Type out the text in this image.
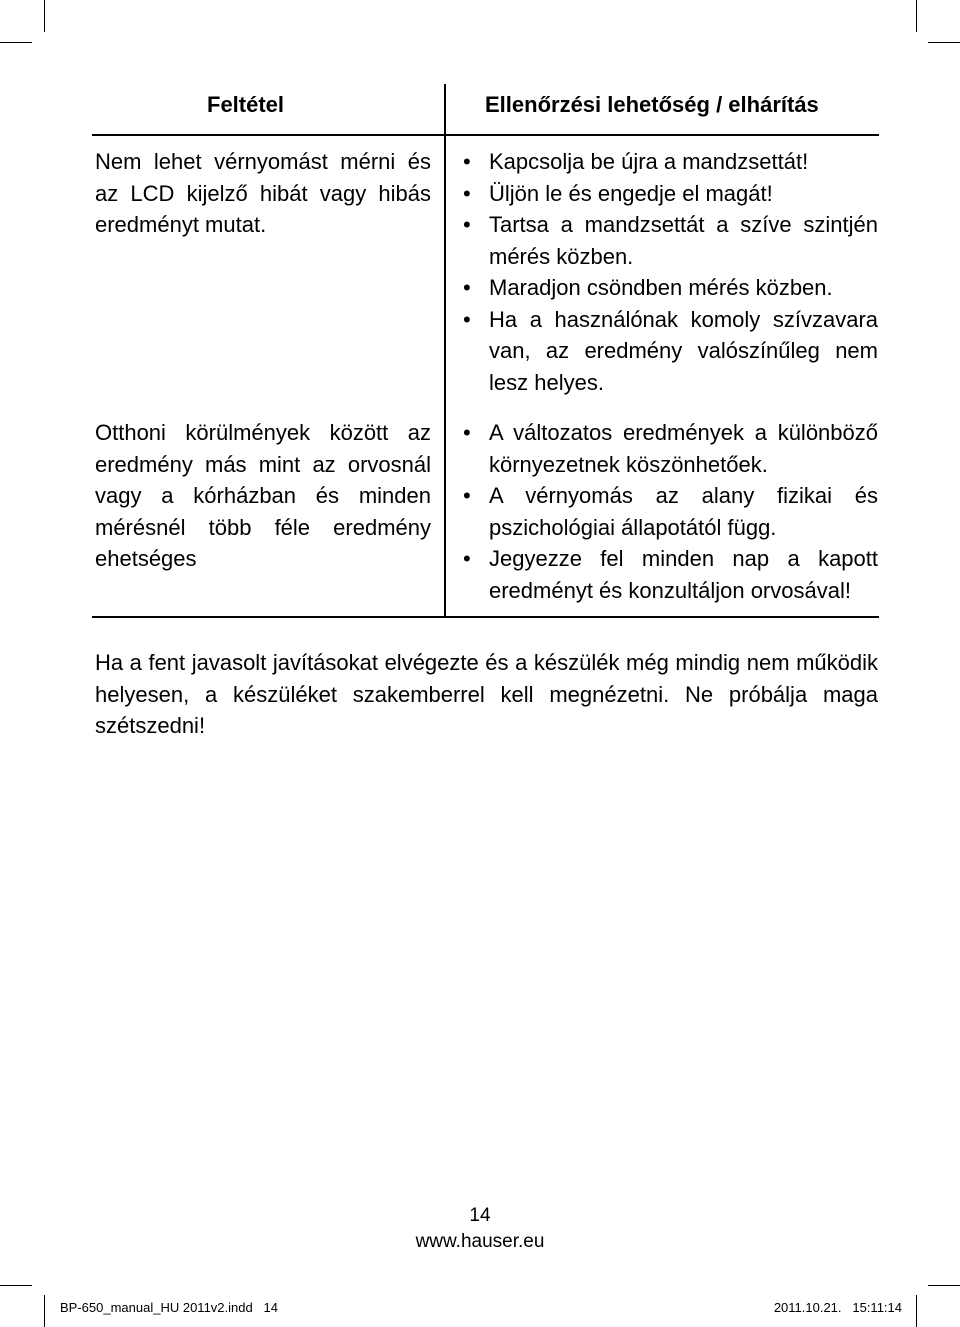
Feltétel	Ellenőrzési lehetőség / elhárítás
Nem lehet vérnyomást mérni és az LCD kijelző hibát vagy hibás eredményt mutat.
• Kapcsolja be újra a mandzsettát!
• Üljön le és engedje el magát!
• Tartsa a mandzsettát a szíve szintjén mérés közben.
• Maradjon csöndben mérés közben.
• Ha a használónak komoly szívzavara van, az eredmény valószínűleg nem lesz helyes.
Otthoni körülmények között az eredmény más mint az orvosnál vagy a kórházban és minden mérésnél több féle eredmény ehetséges
• A változatos eredmények a különböző környezetnek köszönhetőek.
• A vérnyomás az alany fizikai és pszichológiai állapotától függ.
• Jegyezze fel minden nap a kapott eredményt és konzultáljon orvosával!
Ha a fent javasolt javításokat elvégezte és a készülék még mindig nem működik helyesen, a készüléket szakemberrel kell megnézetni. Ne próbálja maga szétszedni!
14
www.hauser.eu
BP-650_manual_HU 2011v2.indd   14	2011.10.21.   15:11:14
